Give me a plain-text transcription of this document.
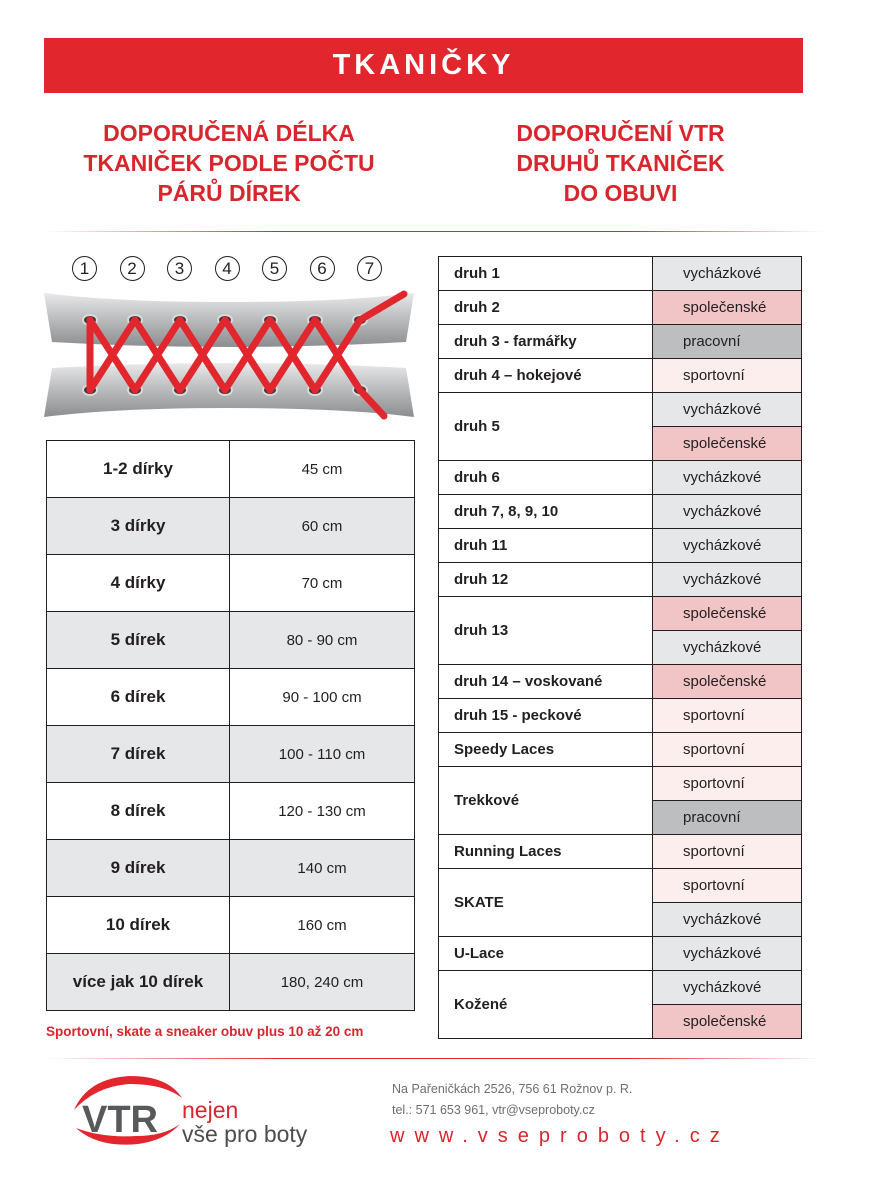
TKANIČKY
DOPORUČENÁ DÉLKA
TKANIČEK PODLE POČTU
PÁRŮ DÍREK
DOPORUČENÍ VTR
DRUHŮ TKANIČEK
DO OBUVI
1	2	3	4	5	6	7
1-2 dírky	45 cm
3 dírky	60 cm
4 dírky	70 cm
5 dírek	80 - 90 cm
6 dírek	90 - 100 cm
7 dírek	100 - 110 cm
8 dírek	120 - 130 cm
9 dírek	140 cm
10 dírek	160 cm
více jak 10 dírek	180, 240 cm
Sportovní, skate a sneaker obuv plus 10 až 20 cm
druh 1	vycházkové
druh 2	společenské
druh 3 - farmářky	pracovní
druh 4 – hokejové	sportovní
druh 5	vycházkové
	společenské
druh 6	vycházkové
druh 7, 8, 9, 10	vycházkové
druh 11	vycházkové
druh 12	vycházkové
druh 13	společenské
	vycházkové
druh 14 – voskované	společenské
druh 15 - peckové	sportovní
Speedy Laces	sportovní
Trekkové	sportovní
	pracovní
Running Laces	sportovní
SKATE	sportovní
	vycházkové
U-Lace	vycházkové
Kožené	vycházkové
	společenské
VTR nejen
vše pro boty
Na Pařeničkách 2526, 756 61 Rožnov p. R.
tel.: 571 653 961, vtr@vseproboty.cz
www.vseproboty.cz
